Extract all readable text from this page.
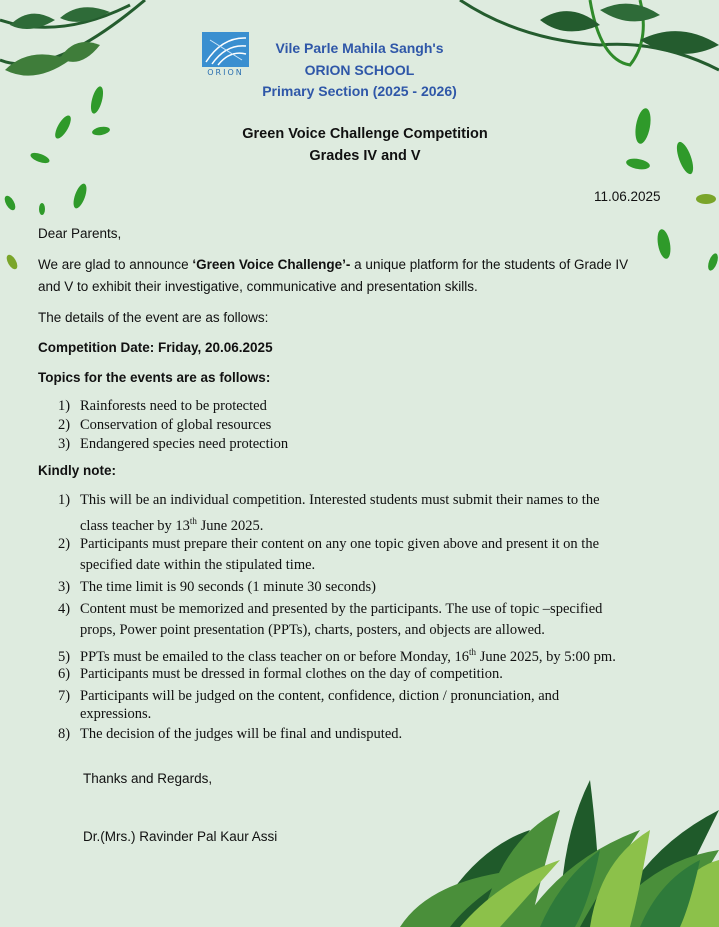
ORION
Vile Parle Mahila Sangh's
ORION SCHOOL
Primary Section (2025 - 2026)
Green Voice Challenge Competition
Grades IV and V
11.06.2025
Dear Parents,
We are glad to announce ‘Green Voice Challenge’- a unique platform for the students of Grade IV
and V to exhibit their investigative, communicative and presentation skills.
The details of the event are as follows:
Competition Date: Friday, 20.06.2025
Topics for the events are as follows:
1) Rainforests need to be protected
2) Conservation of global resources
3) Endangered species need protection
Kindly note:
1) This will be an individual competition. Interested students must submit their names to the
class teacher by 13th June 2025.
2) Participants must prepare their content on any one topic given above and present it on the
specified date within the stipulated time.
3) The time limit is 90 seconds (1 minute 30 seconds)
4) Content must be memorized and presented by the participants. The use of topic –specified
props, Power point presentation (PPTs), charts, posters, and objects are allowed.
5) PPTs must be emailed to the class teacher on or before Monday, 16th June 2025, by 5:00 pm.
6) Participants must be dressed in formal clothes on the day of competition.
7) Participants will be judged on the content, confidence, diction / pronunciation, and
expressions.
8) The decision of the judges will be final and undisputed.
Thanks and Regards,
Dr.(Mrs.) Ravinder Pal Kaur Assi
